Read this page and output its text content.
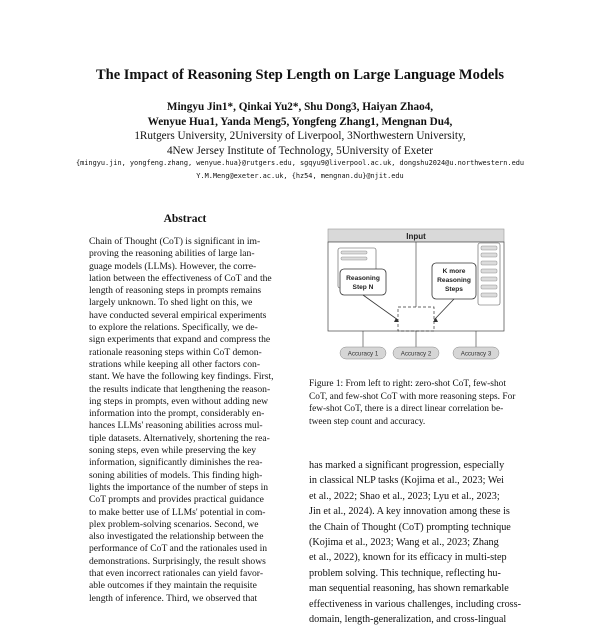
The Impact of Reasoning Step Length on Large Language Models
Mingyu Jin1*, Qinkai Yu2*, Shu Dong3, Haiyan Zhao4,
Wenyue Hua1, Yanda Meng5, Yongfeng Zhang1, Mengnan Du4,
1Rutgers University, 2University of Liverpool, 3Northwestern University,
4New Jersey Institute of Technology, 5University of Exeter
{mingyu.jin, yongfeng.zhang, wenyue.hua}@rutgers.edu, sgqyu9@liverpool.ac.uk, dongshu2024@u.northwestern.edu
Y.M.Meng@exeter.ac.uk, {hz54, mengnan.du}@njit.edu
Abstract
Chain of Thought (CoT) is significant in im-
proving the reasoning abilities of large lan-
guage models (LLMs). However, the corre-
lation between the effectiveness of CoT and the
length of reasoning steps in prompts remains
largely unknown. To shed light on this, we
have conducted several empirical experiments
to explore the relations. Specifically, we de-
sign experiments that expand and compress the
rationale reasoning steps within CoT demon-
strations while keeping all other factors con-
stant. We have the following key findings. First,
the results indicate that lengthening the reason-
ing steps in prompts, even without adding new
information into the prompt, considerably en-
hances LLMs' reasoning abilities across mul-
tiple datasets. Alternatively, shortening the rea-
soning steps, even while preserving the key
information, significantly diminishes the rea-
soning abilities of models. This finding high-
lights the importance of the number of steps in
CoT prompts and provides practical guidance
to make better use of LLMs' potential in com-
plex problem-solving scenarios. Second, we
also investigated the relationship between the
performance of CoT and the rationales used in
demonstrations. Surprisingly, the result shows
that even incorrect rationales can yield favor-
able outcomes if they maintain the requisite
length of inference. Third, we observed that
Input
Reasoning
Step N
K more
Reasoning
Steps
Accuracy 1	Accuracy 2	Accuracy 3
Figure 1: From left to right: zero-shot CoT, few-shot
CoT, and few-shot CoT with more reasoning steps. For
few-shot CoT, there is a direct linear correlation be-
tween step count and accuracy.
has marked a significant progression, especially
in classical NLP tasks (Kojima et al., 2023; Wei
et al., 2022; Shao et al., 2023; Lyu et al., 2023;
Jin et al., 2024). A key innovation among these is
the Chain of Thought (CoT) prompting technique
(Kojima et al., 2023; Wang et al., 2023; Zhang
et al., 2022), known for its efficacy in multi-step
problem solving. This technique, reflecting hu-
man sequential reasoning, has shown remarkable
effectiveness in various challenges, including cross-
domain, length-generalization, and cross-lingual
